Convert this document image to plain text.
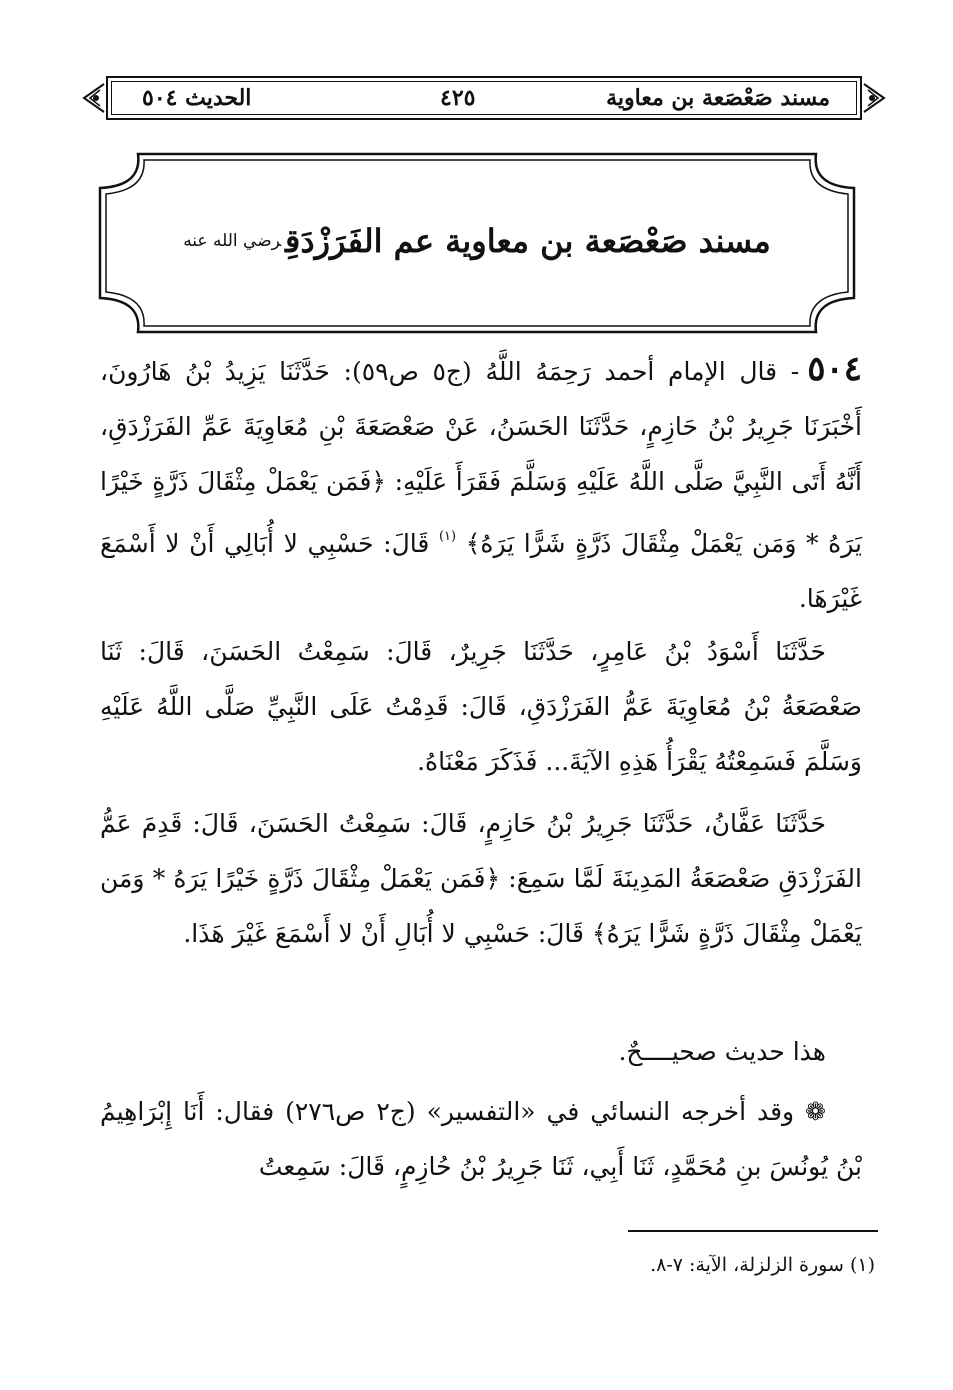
الحديث ٥٠٤	٤٢٥	مسند صَعْصَعة بن معاوية
مسند صَعْصَعة بن معاوية عم الفَرَزْدَقِرضي الله عنه

٥٠٤- قال الإمام أحمد رَحِمَهُ اللَّهُ (ج٥ ص٥٩): حَدَّثَنَا يَزِيدُ بْنُ هَارُونَ، أَخْبَرَنَا جَرِيرُ بْنُ حَازِمٍ، حَدَّثَنَا الحَسَنُ، عَنْ صَعْصَعَةَ بْنِ مُعَاوِيَةَ عَمِّ الفَرَزْدَقِ، أَنَّهُ أَتَى النَّبِيَّ صَلَّى اللَّهُ عَلَيْهِ وَسَلَّمَ فَقَرَأَ عَلَيْهِ: ﴿فَمَن يَعْمَلْ مِثْقَالَ ذَرَّةٍ خَيْرًا يَرَهُ * وَمَن يَعْمَلْ مِثْقَالَ ذَرَّةٍ شَرًّا يَرَهُ﴾ $^{(١)}$ قَالَ: حَسْبِي لا أُبَالِي أَنْ لا أَسْمَعَ غَيْرَهَا.

حَدَّثَنَا أَسْوَدُ بْنُ عَامِرٍ، حَدَّثَنَا جَرِيرٌ، قَالَ: سَمِعْتُ الحَسَنَ، قَالَ: ثَنَا صَعْصَعَةُ بْنُ مُعَاوِيَةَ عَمُّ الفَرَزْدَقِ، قَالَ: قَدِمْتُ عَلَى النَّبِيِّ صَلَّى اللَّهُ عَلَيْهِ وَسَلَّمَ فَسَمِعْتُهُ يَقْرَأُ هَذِهِ الآيَةَ... فَذَكَرَ مَعْنَاهُ.

حَدَّثَنَا عَفَّانُ، حَدَّثَنَا جَرِيرُ بْنُ حَازِمٍ، قَالَ: سَمِعْتُ الحَسَنَ، قَالَ: قَدِمَ عَمُّ الفَرَزْدَقِ صَعْصَعَةُ المَدِينَةَ لَمَّا سَمِعَ: ﴿فَمَن يَعْمَلْ مِثْقَالَ ذَرَّةٍ خَيْرًا يَرَهُ * وَمَن يَعْمَلْ مِثْقَالَ ذَرَّةٍ شَرًّا يَرَهُ﴾ قَالَ: حَسْبِي لا أُبَالِ أَنْ لا أَسْمَعَ غَيْرَ هَذَا.

هذا حديث صحيــــحٌ.

❁ وقد أخرجه النسائي في «التفسير» (ج٢ ص٢٧٦) فقال: أَنَا إِبْرَاهِيمُ بْنُ يُونُسَ بنِ مُحَمَّدٍ، ثَنَا أَبِي، ثَنَا جَرِيرُ بْنُ حُازِمٍ، قَالَ: سَمِعتُ

(١) سورة الزلزلة، الآية: ٧-٨.
